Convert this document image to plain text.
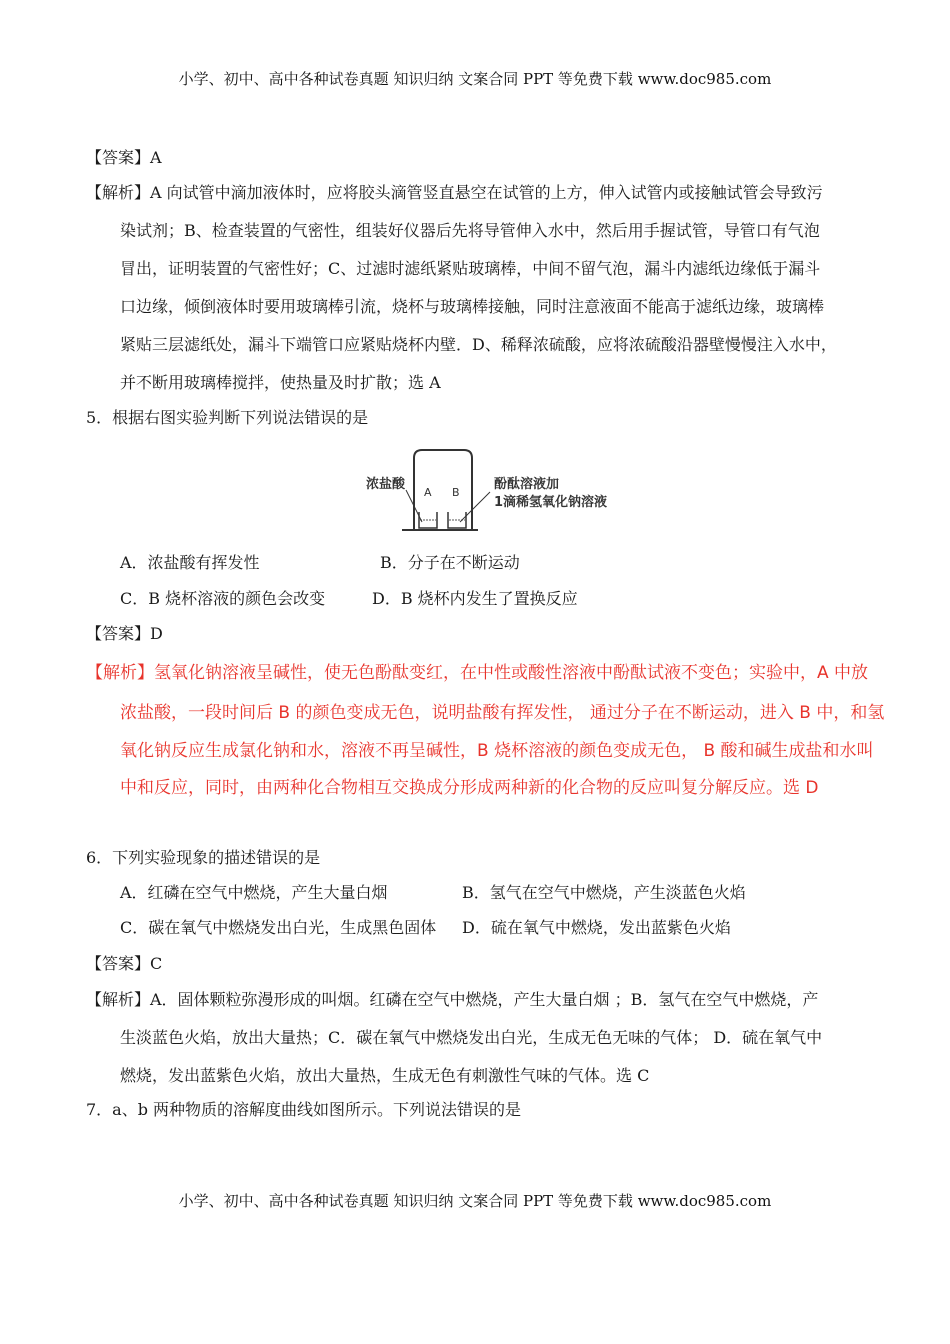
小学、初中、高中各种试卷真题 知识归纳 文案合同 PPT 等免费下载 www.doc985.com
【答案】A
【解析】A 向试管中滴加液体时，应将胶头滴管竖直悬空在试管的上方，伸入试管内或接触试管会导致污
染试剂；B、检查装置的气密性，组装好仪器后先将导管伸入水中，然后用手握试管，导管口有气泡
冒出，证明装置的气密性好；C、过滤时滤纸紧贴玻璃棒，中间不留气泡，漏斗内滤纸边缘低于漏斗
口边缘，倾倒液体时要用玻璃棒引流，烧杯与玻璃棒接触，同时注意液面不能高于滤纸边缘，玻璃棒
紧贴三层滤纸处，漏斗下端管口应紧贴烧杯内壁．D、稀释浓硫酸，应将浓硫酸沿器壁慢慢注入水中，
并不断用玻璃棒搅拌，使热量及时扩散；选 A
5．根据右图实验判断下列说法错误的是
浓盐酸
A B
酚酞溶液加
1滴稀氢氧化钠溶液
A．浓盐酸有挥发性	B．分子在不断运动
C．B 烧杯溶液的颜色会改变	D．B 烧杯内发生了置换反应
【答案】D
【解析】氢氧化钠溶液呈碱性，使无色酚酞变红，在中性或酸性溶液中酚酞试液不变色；实验中，A 中放
浓盐酸，一段时间后 B 的颜色变成无色，说明盐酸有挥发性， 通过分子在不断运动，进入 B 中，和氢
氧化钠反应生成氯化钠和水，溶液不再呈碱性，B 烧杯溶液的颜色变成无色， B 酸和碱生成盐和水叫
中和反应，同时，由两种化合物相互交换成分形成两种新的化合物的反应叫复分解反应。选 D
6．下列实验现象的描述错误的是
A．红磷在空气中燃烧，产生大量白烟	B．氢气在空气中燃烧，产生淡蓝色火焰
C．碳在氧气中燃烧发出白光，生成黑色固体 D．硫在氧气中燃烧，发出蓝紫色火焰
【答案】C
【解析】A．固体颗粒弥漫形成的叫烟。红磷在空气中燃烧，产生大量白烟 ；B．氢气在空气中燃烧，产
生淡蓝色火焰，放出大量热；C．碳在氧气中燃烧发出白光，生成无色无味的气体； D．硫在氧气中
燃烧，发出蓝紫色火焰，放出大量热，生成无色有刺激性气味的气体。选 C
7．a、b 两种物质的溶解度曲线如图所示。下列说法错误的是
小学、初中、高中各种试卷真题 知识归纳 文案合同 PPT 等免费下载 www.doc985.com
